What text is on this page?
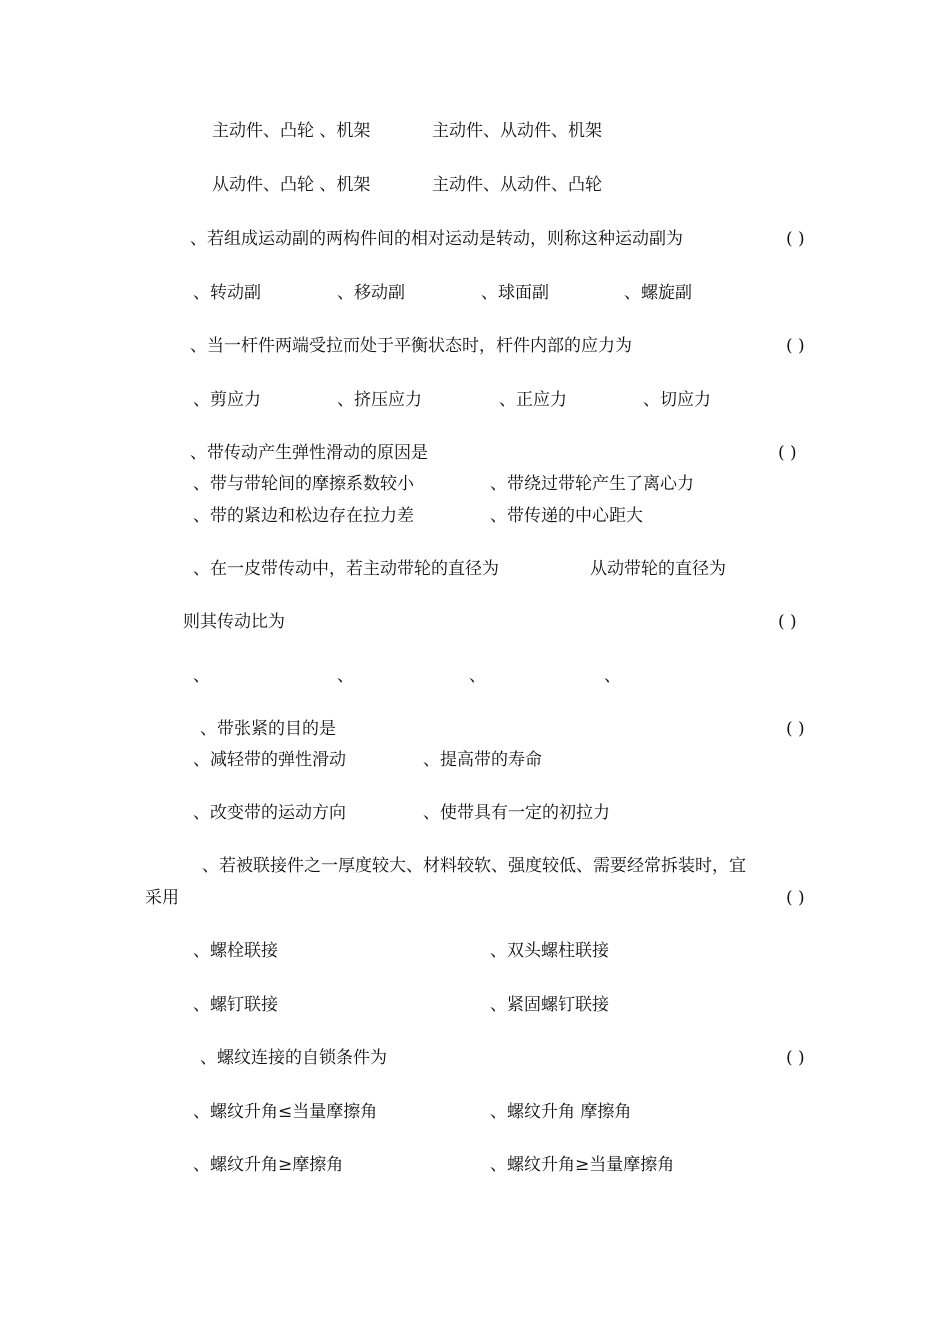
主动件、凸轮 、机架	主动件、从动件、机架
从动件、凸轮 、机架	主动件、从动件、凸轮
、若组成运动副的两构件间的相对运动是转动，则称这种运动副为	( )
、转动副	、移动副	、球面副	、螺旋副
、当一杆件两端受拉而处于平衡状态时，杆件内部的应力为	( )
、剪应力	、挤压应力	、正应力	、切应力
、带传动产生弹性滑动的原因是	( )
、带与带轮间的摩擦系数较小	、带绕过带轮产生了离心力
、带的紧边和松边存在拉力差	、带传递的中心距大
、在一皮带传动中，若主动带轮的直径为	从动带轮的直径为
则其传动比为	( )
、	、	、	、
、带张紧的目的是	( )
、减轻带的弹性滑动	、提高带的寿命
、改变带的运动方向	、使带具有一定的初拉力
、若被联接件之一厚度较大、材料较软、强度较低、需要经常拆装时，宜
采用	( )
、螺栓联接	、双头螺柱联接
、螺钉联接	、紧固螺钉联接
、螺纹连接的自锁条件为	( )
、螺纹升角≤当量摩擦角	、螺纹升角 摩擦角
、螺纹升角≥摩擦角	、螺纹升角≥当量摩擦角
